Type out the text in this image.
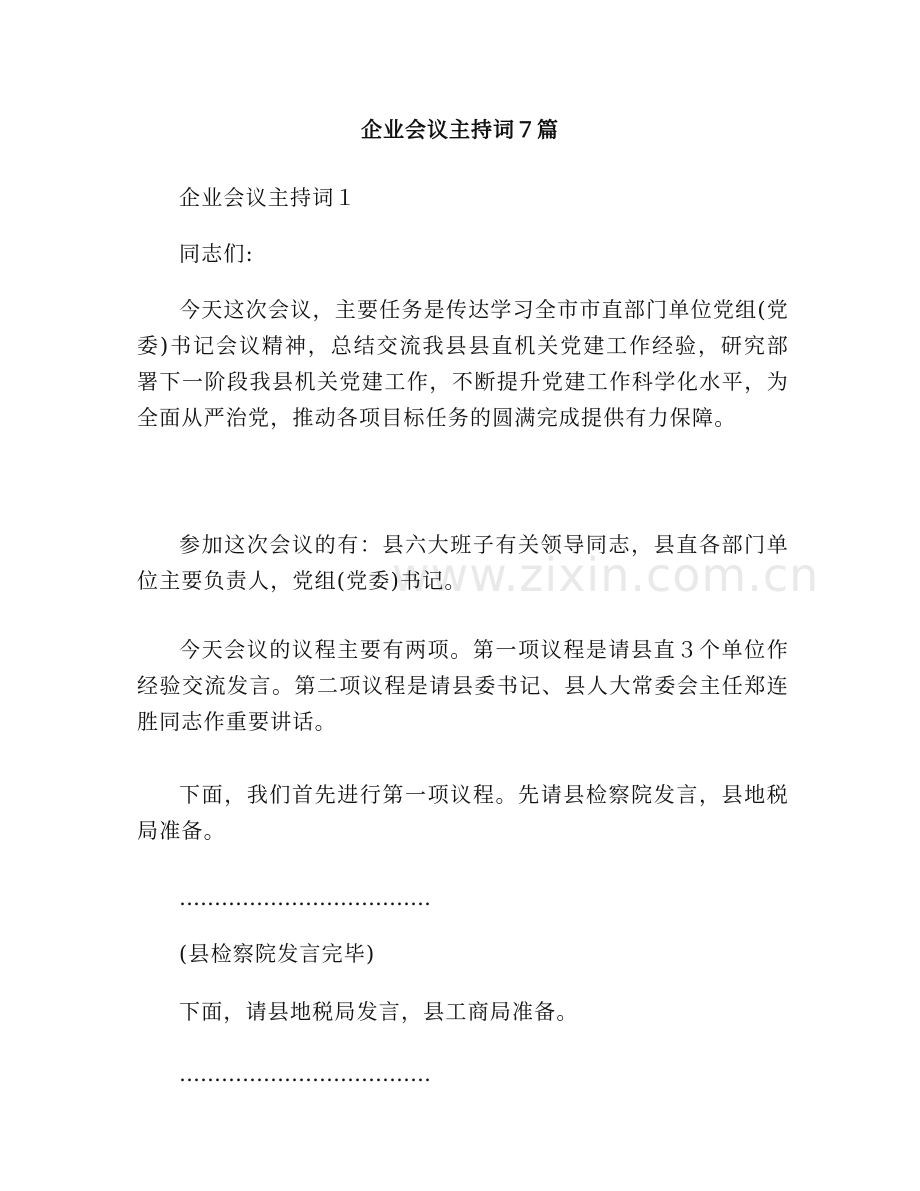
www.zixin.com.cn
企业会议主持词７篇
企业会议主持词１
同志们:
今天这次会议，主要任务是传达学习全市市直部门单位党组(党委)书记会议精神，总结交流我县县直机关党建工作经验，研究部署下一阶段我县机关党建工作，不断提升党建工作科学化水平，为全面从严治党，推动各项目标任务的圆满完成提供有力保障。
参加这次会议的有：县六大班子有关领导同志，县直各部门单位主要负责人，党组(党委)书记。
今天会议的议程主要有两项。第一项议程是请县直３个单位作经验交流发言。第二项议程是请县委书记、县人大常委会主任郑连胜同志作重要讲话。
下面，我们首先进行第一项议程。先请县检察院发言，县地税局准备。
………………………………
(县检察院发言完毕)
下面，请县地税局发言，县工商局准备。
………………………………
